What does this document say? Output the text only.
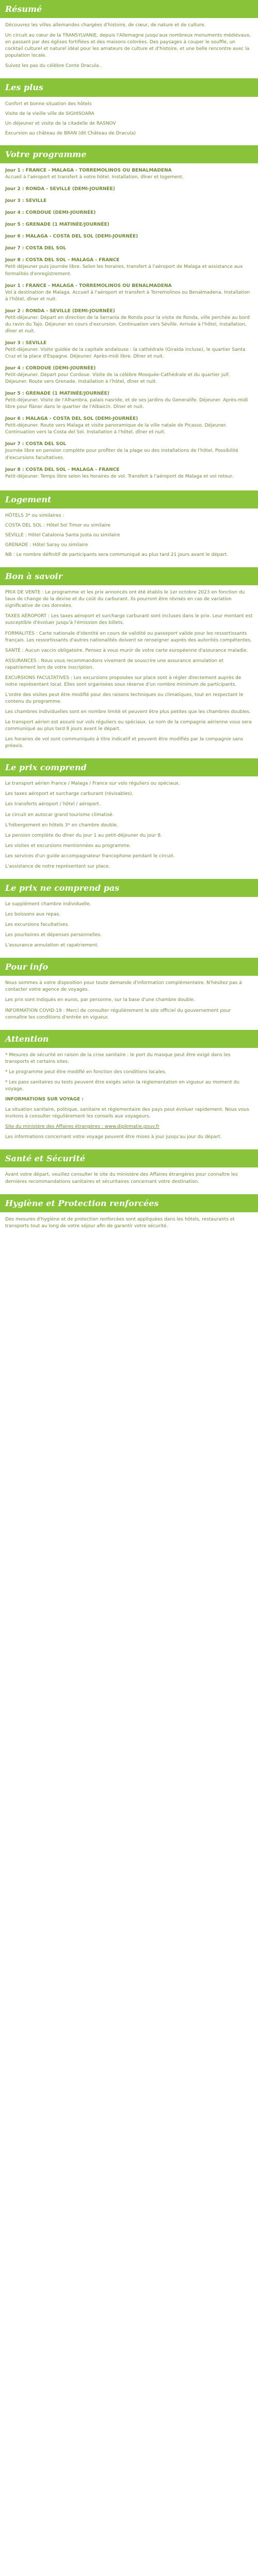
Résumé

Découvrez les villes allemandes chargées d'histoire, de cœur, de nature et de culture.

Un circuit au cœur de la TRANSYLVANIE, depuis l'Allemagne jusqu'aux nombreux monuments médiévaux, en passant par des églises fortifiées et des maisons colorées. Des paysages à couper le souffle, un cocktail culturel et naturel idéal pour les amateurs de culture et d'histoire, et une belle rencontre avec la population locale.

Suivez les pas du célèbre Conte Dracula..

Les plus
Confort et bonne situation des hôtels
Visite de la vieille ville de SIGHISOARA
Un déjeuner et visite de la citadelle de RASNOV
Excursion au château de BRAN (dit Château de Dracula)
Votre programme
Jour 1 : FRANCE - MALAGA - TORREMOLINOS OU BENALMADENA
Accueil à l'aéroport et transfert à votre hôtel. Installation, dîner et logement.
Jour 2 : RONDA - SEVILLE (DEMI-JOURNÉE)
Jour 3 : SEVILLE
Jour 4 : CORDOUE (DEMI-JOURNÉE)
Jour 5 : GRENADE (1 MATINÉE/JOURNÉE)
Jour 6 : MALAGA - COSTA DEL SOL (DEMI-JOURNÉE)
Jour 7 : COSTA DEL SOL
Jour 8 : COSTA DEL SOL - MALAGA - FRANCE
Petit déjeuner puis journée libre. Selon les horaires, transfert à l'aéroport de Malaga et assistance aux formalités d'enregistrement.
Jour 1 : FRANCE - MALAGA - TORREMOLINOS OU BENALMADENA
Vol à destination de Malaga. Accueil à l'aéroport et transfert à Torremolinos ou Benalmadena. Installation à l'hôtel, dîner et nuit.
Jour 2 : RONDA - SEVILLE (DEMI-JOURNÉE)
Petit-déjeuner. Départ en direction de la Serranía de Ronda pour la visite de Ronda, ville perchée au bord du ravin du Tajo. Déjeuner en cours d'excursion. Continuation vers Séville. Arrivée à l'hôtel, installation, dîner et nuit.
Jour 3 : SEVILLE
Petit-déjeuner. Visite guidée de la capitale andalouse : la cathédrale (Giralda incluse), le quartier Santa Cruz et la place d'Espagne. Déjeuner. Après-midi libre. Dîner et nuit.
Jour 4 : CORDOUE (DEMI-JOURNÉE)
Petit-déjeuner. Départ pour Cordoue. Visite de la célèbre Mosquée-Cathédrale et du quartier juif. Déjeuner. Route vers Grenade. Installation à l'hôtel, dîner et nuit.
Jour 5 : GRENADE (1 MATINÉE/JOURNÉE)
Petit-déjeuner. Visite de l'Alhambra, palais nasride, et de ses jardins du Generalife. Déjeuner. Après-midi libre pour flâner dans le quartier de l'Albaicín. Dîner et nuit.
Jour 6 : MALAGA - COSTA DEL SOL (DEMI-JOURNÉE)
Petit-déjeuner. Route vers Malaga et visite panoramique de la ville natale de Picasso. Déjeuner. Continuation vers la Costa del Sol. Installation à l'hôtel, dîner et nuit.
Jour 7 : COSTA DEL SOL
Journée libre en pension complète pour profiter de la plage ou des installations de l'hôtel. Possibilité d'excursions facultatives.
Jour 8 : COSTA DEL SOL - MALAGA - FRANCE
Petit-déjeuner. Temps libre selon les horaires de vol. Transfert à l'aéroport de Malaga et vol retour.
Logement
HÔTELS 3* ou similaires :
COSTA DEL SOL : Hôtel Sol Timor ou similaire
SÉVILLE : Hôtel Catalonia Santa Justa ou similaire
GRENADE : Hôtel Saray ou similaire

NB : Le nombre définitif de participants sera communiqué au plus tard 21 jours avant le départ.

Bon à savoir

PRIX DE VENTE : Le programme et les prix annoncés ont été établis le 1er octobre 2023 en fonction du taux de change de la devise et du coût du carburant. Ils pourront être révisés en cas de variation significative de ces données.

TAXES AÉROPORT : Les taxes aéroport et surcharge carburant sont incluses dans le prix. Leur montant est susceptible d'évoluer jusqu'à l'émission des billets.

FORMALITÉS : Carte nationale d'identité en cours de validité ou passeport valide pour les ressortissants français. Les ressortissants d'autres nationalités doivent se renseigner auprès des autorités compétentes.

SANTÉ : Aucun vaccin obligatoire. Pensez à vous munir de votre carte européenne d'assurance maladie.

ASSURANCES : Nous vous recommandons vivement de souscrire une assurance annulation et rapatriement lors de votre inscription.

EXCURSIONS FACULTATIVES : Les excursions proposées sur place sont à régler directement auprès de notre représentant local. Elles sont organisées sous réserve d'un nombre minimum de participants.

L'ordre des visites peut être modifié pour des raisons techniques ou climatiques, tout en respectant le contenu du programme.

Les chambres individuelles sont en nombre limité et peuvent être plus petites que les chambres doubles.

Le transport aérien est assuré sur vols réguliers ou spéciaux. Le nom de la compagnie aérienne vous sera communiqué au plus tard 8 jours avant le départ.

Les horaires de vol sont communiqués à titre indicatif et peuvent être modifiés par la compagnie sans préavis.

Le prix comprend

Le transport aérien France / Malaga / France sur vols réguliers ou spéciaux.

Les taxes aéroport et surcharge carburant (révisables).

Les transferts aéroport / hôtel / aéroport.

Le circuit en autocar grand tourisme climatisé.

L'hébergement en hôtels 3* en chambre double.

La pension complète du dîner du jour 1 au petit-déjeuner du jour 8.

Les visites et excursions mentionnées au programme.

Les services d'un guide accompagnateur francophone pendant le circuit.

L'assistance de notre représentant sur place.

Le prix ne comprend pas

Le supplément chambre individuelle.

Les boissons aux repas.

Les excursions facultatives.

Les pourboires et dépenses personnelles.

L'assurance annulation et rapatriement.

Pour info

Nous sommes à votre disposition pour toute demande d'information complémentaire. N'hésitez pas à contacter votre agence de voyages.

Les prix sont indiqués en euros, par personne, sur la base d'une chambre double.

INFORMATION COVID-19 : Merci de consulter régulièrement le site officiel du gouvernement pour connaître les conditions d'entrée en vigueur.

Attention

* Mesures de sécurité en raison de la crise sanitaire : le port du masque peut être exigé dans les transports et certains sites.

* Le programme peut être modifié en fonction des conditions locales.

* Les pass sanitaires ou tests peuvent être exigés selon la réglementation en vigueur au moment du voyage.

INFORMATIONS SUR VOYAGE :

La situation sanitaire, politique, sanitaire et réglementaire des pays peut évoluer rapidement. Nous vous invitons à consulter régulièrement les conseils aux voyageurs.

Site du ministère des Affaires étrangères : www.diplomatie.gouv.fr

Les informations concernant votre voyage peuvent être mises à jour jusqu'au jour du départ.

Santé et Sécurité

Avant votre départ, veuillez consulter le site du ministère des Affaires étrangères pour connaître les dernières recommandations sanitaires et sécuritaires concernant votre destination.

Hygiène et Protection renforcées

Des mesures d'hygiène et de protection renforcées sont appliquées dans les hôtels, restaurants et transports tout au long de votre séjour afin de garantir votre sécurité.
